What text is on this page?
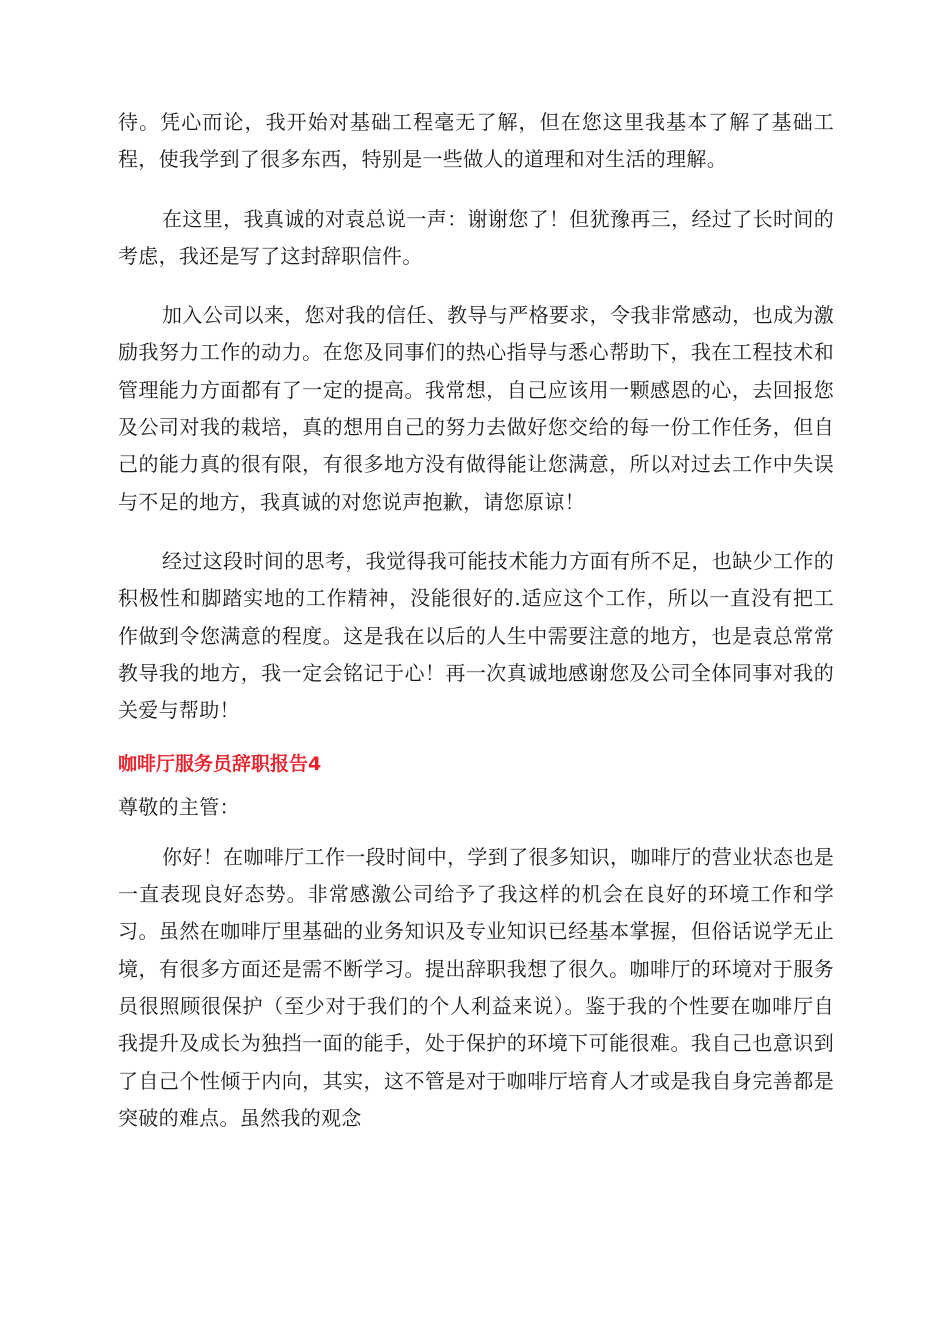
待。凭心而论，我开始对基础工程毫无了解，但在您这里我基本了解了基础工程，使我学到了很多东西，特别是一些做人的道理和对生活的理解。

在这里，我真诚的对袁总说一声：谢谢您了！但犹豫再三，经过了长时间的考虑，我还是写了这封辞职信件。

加入公司以来，您对我的信任、教导与严格要求，令我非常感动，也成为激励我努力工作的动力。在您及同事们的热心指导与悉心帮助下，我在工程技术和管理能力方面都有了一定的提高。我常想，自己应该用一颗感恩的心，去回报您及公司对我的栽培，真的想用自己的努力去做好您交给的每一份工作任务，但自己的能力真的很有限，有很多地方没有做得能让您满意，所以对过去工作中失误与不足的地方，我真诚的对您说声抱歉，请您原谅！

经过这段时间的思考，我觉得我可能技术能力方面有所不足，也缺少工作的积极性和脚踏实地的工作精神，没能很好的.适应这个工作，所以一直没有把工作做到令您满意的程度。这是我在以后的人生中需要注意的地方，也是袁总常常教导我的地方，我一定会铭记于心！再一次真诚地感谢您及公司全体同事对我的关爱与帮助！

咖啡厅服务员辞职报告4

尊敬的主管：

你好！在咖啡厅工作一段时间中，学到了很多知识，咖啡厅的营业状态也是一直表现良好态势。非常感激公司给予了我这样的机会在良好的环境工作和学习。虽然在咖啡厅里基础的业务知识及专业知识已经基本掌握，但俗话说学无止境，有很多方面还是需不断学习。提出辞职我想了很久。咖啡厅的环境对于服务员很照顾很保护（至少对于我们的个人利益来说）。鉴于我的个性要在咖啡厅自我提升及成长为独挡一面的能手，处于保护的环境下可能很难。我自己也意识到了自己个性倾于内向，其实，这不管是对于咖啡厅培育人才或是我自身完善都是突破的难点。虽然我的观念
